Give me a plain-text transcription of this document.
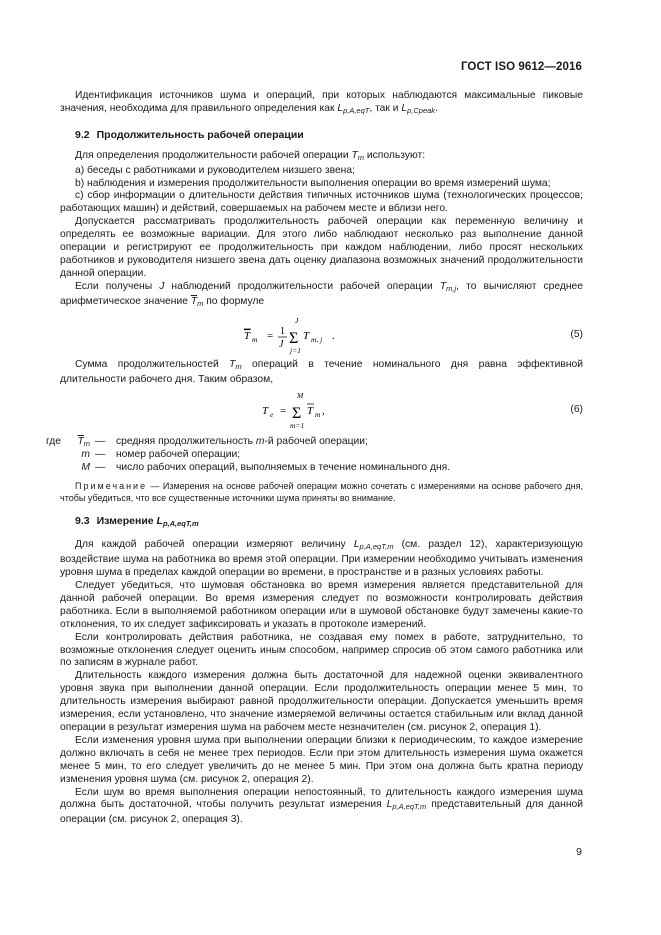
ГОСТ ISO 9612—2016

Идентификация источников шума и операций, при которых наблюдаются максимальные пиковые значения, необходима для правильного определения как $L_{p,A,eqT}$, так и $L_{p,Cpeak}$.

9.2 Продолжительность рабочей операции

Для определения продолжительности рабочей операции $T_m$ используют:

a) беседы с работниками и руководителем низшего звена;

b) наблюдения и измерения продолжительности выполнения операции во время измерений шума;

c) сбор информации о длительности действия типичных источников шума (технологических процессов; работающих машин) и действий, совершаемых на рабочем месте и вблизи него.

Допускается рассматривать продолжительность рабочей операции как переменную величину и определять ее возможные вариации. Для этого либо наблюдают несколько раз выполнение данной операции и регистрируют ее продолжительность при каждом наблюдении, либо просят нескольких работников и руководителя низшего звена дать оценку диапазона возможных значений продолжительности данной операции.

Если получены J наблюдений продолжительности рабочей операции $T_{m,j}$, то вычисляют среднее арифметическое значение $\overline{T}_m$ по формуле

T m = 1
J
J
Σ
j=1
T m, j .	(5)

Сумма продолжительностей $T_m$ операций в течение номинального дня равна эффективной длительности рабочего дня. Таким образом,

T e =
M
Σ
m=1
T m ,	(6)
где	$\overline{T}_m$ — средняя продолжительность m-й рабочей операции;
m — номер рабочей операции;
M — число рабочих операций, выполняемых в течение номинального дня.

Примечание — Измерения на основе рабочей операции можно сочетать с измерениями на основе рабочего дня, чтобы убедиться, что все существенные источники шума приняты во внимание.

9.3 Измерение $L_{p,A,eqT,m}$

Для каждой рабочей операции измеряют величину $L_{p,A,eqT,m}$ (см. раздел 12), характеризующую воздействие шума на работника во время этой операции. При измерении необходимо учитывать изменения уровня шума в пределах каждой операции во времени, в пространстве и в разных условиях работы.

Следует убедиться, что шумовая обстановка во время измерения является представительной для данной рабочей операции. Во время измерения следует по возможности контролировать действия работника. Если в выполняемой работником операции или в шумовой обстановке будут замечены какие-то отклонения, то их следует зафиксировать и указать в протоколе измерений.

Если контролировать действия работника, не создавая ему помех в работе, затруднительно, то возможные отклонения следует оценить иным способом, например спросив об этом самого работника или по записям в журнале работ.

Длительность каждого измерения должна быть достаточной для надежной оценки эквивалентного уровня звука при выполнении данной операции. Если продолжительность операции менее 5 мин, то длительность измерения выбирают равной продолжительности операции. Допускается уменьшить время измерения, если установлено, что значение измеряемой величины остается стабильным или вклад данной операции в результат измерения шума на рабочем месте незначителен (см. рисунок 2, операция 1).

Если изменения уровня шума при выполнении операции близки к периодическим, то каждое измерение должно включать в себя не менее трех периодов. Если при этом длительность измерения шума окажется менее 5 мин, то его следует увеличить до не менее 5 мин. При этом она должна быть кратна периоду изменения уровня шума (см. рисунок 2, операция 2).

Если шум во время выполнения операции непостоянный, то длительность каждого измерения шума должна быть достаточной, чтобы получить результат измерения $L_{p,A,eqT,m}$ представительный для данной операции (см. рисунок 2, операция 3).

9
